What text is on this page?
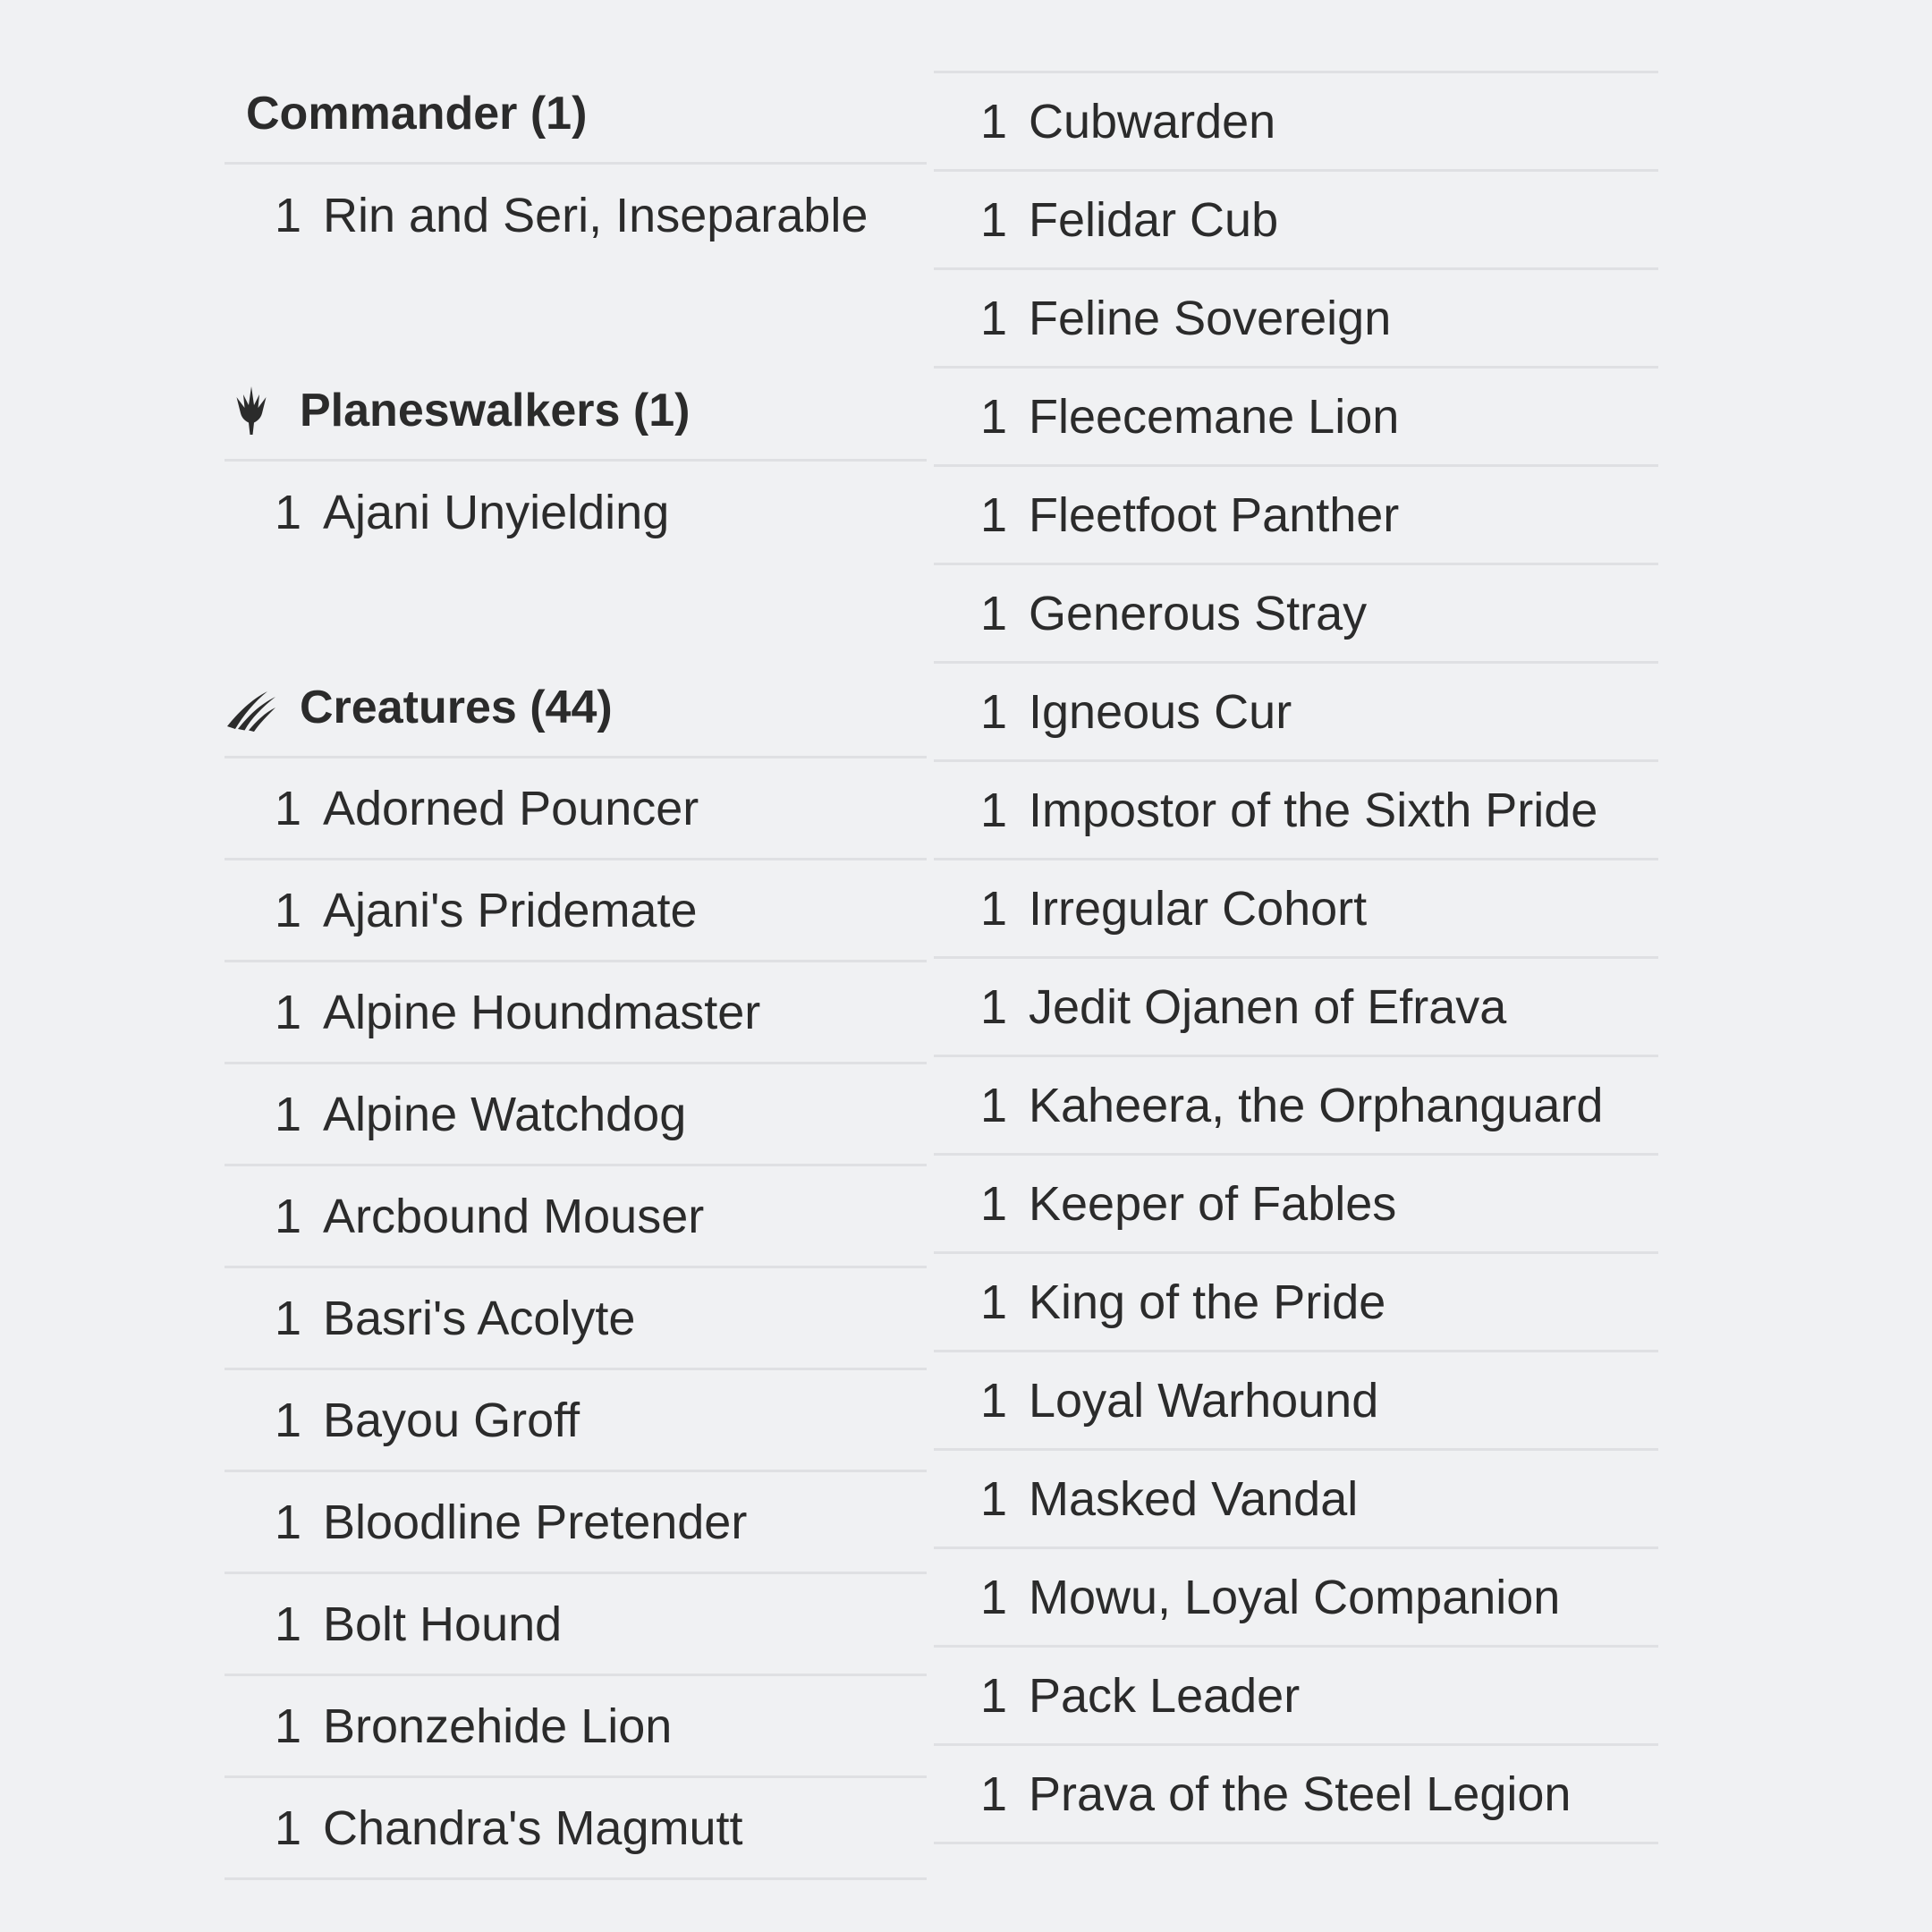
Commander (1)
1 Rin and Seri, Inseparable
Planeswalkers (1)
1 Ajani Unyielding
Creatures (44)
1 Adorned Pouncer
1 Ajani's Pridemate
1 Alpine Houndmaster
1 Alpine Watchdog
1 Arcbound Mouser
1 Basri's Acolyte
1 Bayou Groff
1 Bloodline Pretender
1 Bolt Hound
1 Bronzehide Lion
1 Chandra's Magmutt
1 Cubwarden
1 Felidar Cub
1 Feline Sovereign
1 Fleecemane Lion
1 Fleetfoot Panther
1 Generous Stray
1 Igneous Cur
1 Impostor of the Sixth Pride
1 Irregular Cohort
1 Jedit Ojanen of Efrava
1 Kaheera, the Orphanguard
1 Keeper of Fables
1 King of the Pride
1 Loyal Warhound
1 Masked Vandal
1 Mowu, Loyal Companion
1 Pack Leader
1 Prava of the Steel Legion
